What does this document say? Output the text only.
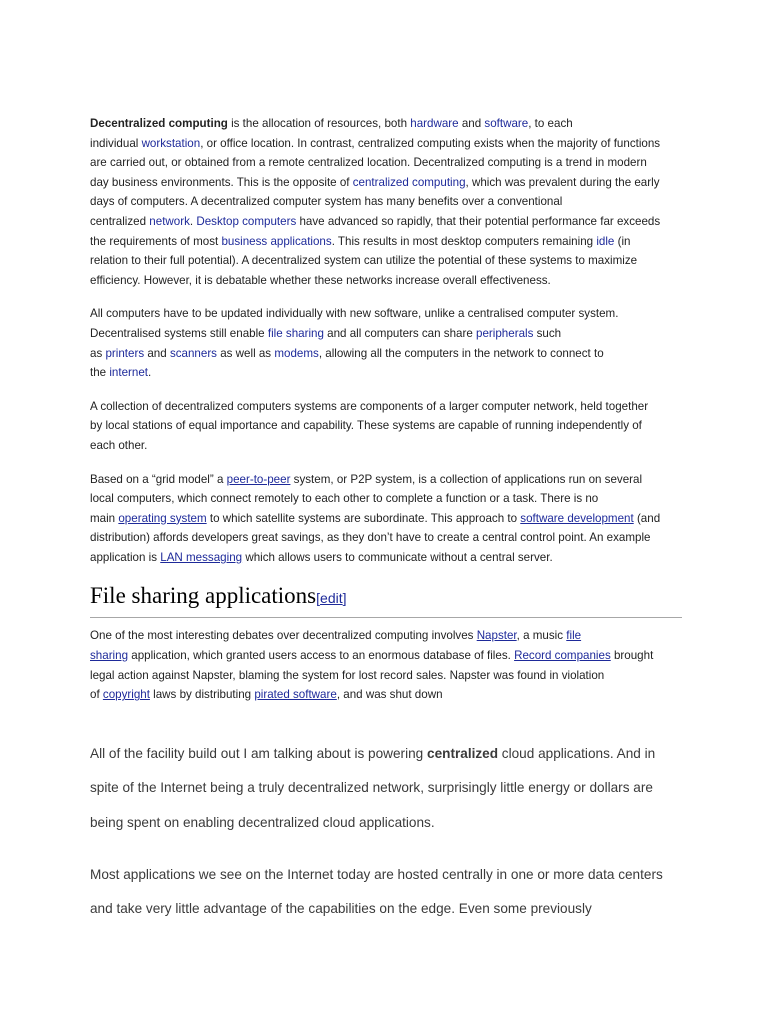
Decentralized computing is the allocation of resources, both hardware and software, to each
individual workstation, or office location. In contrast, centralized computing exists when the majority of functions
are carried out, or obtained from a remote centralized location. Decentralized computing is a trend in modern
day business environments. This is the opposite of centralized computing, which was prevalent during the early
days of computers. A decentralized computer system has many benefits over a conventional
centralized network. Desktop computers have advanced so rapidly, that their potential performance far exceeds
the requirements of most business applications. This results in most desktop computers remaining idle (in
relation to their full potential). A decentralized system can utilize the potential of these systems to maximize
efficiency. However, it is debatable whether these networks increase overall effectiveness.
All computers have to be updated individually with new software, unlike a centralised computer system.
Decentralised systems still enable file sharing and all computers can share peripherals such
as printers and scanners as well as modems, allowing all the computers in the network to connect to
the internet.
A collection of decentralized computers systems are components of a larger computer network, held together
by local stations of equal importance and capability. These systems are capable of running independently of
each other.
Based on a “grid model” a peer-to-peer system, or P2P system, is a collection of applications run on several
local computers, which connect remotely to each other to complete a function or a task. There is no
main operating system to which satellite systems are subordinate. This approach to software development (and
distribution) affords developers great savings, as they don’t have to create a central control point. An example
application is LAN messaging which allows users to communicate without a central server.
File sharing applications[edit]
One of the most interesting debates over decentralized computing involves Napster, a music file
sharing application, which granted users access to an enormous database of files. Record companies brought
legal action against Napster, blaming the system for lost record sales. Napster was found in violation
of copyright laws by distributing pirated software, and was shut down
All of the facility build out I am talking about is powering centralized cloud applications. And in
spite of the Internet being a truly decentralized network, surprisingly little energy or dollars are
being spent on enabling decentralized cloud applications.
Most applications we see on the Internet today are hosted centrally in one or more data centers
and take very little advantage of the capabilities on the edge. Even some previously
